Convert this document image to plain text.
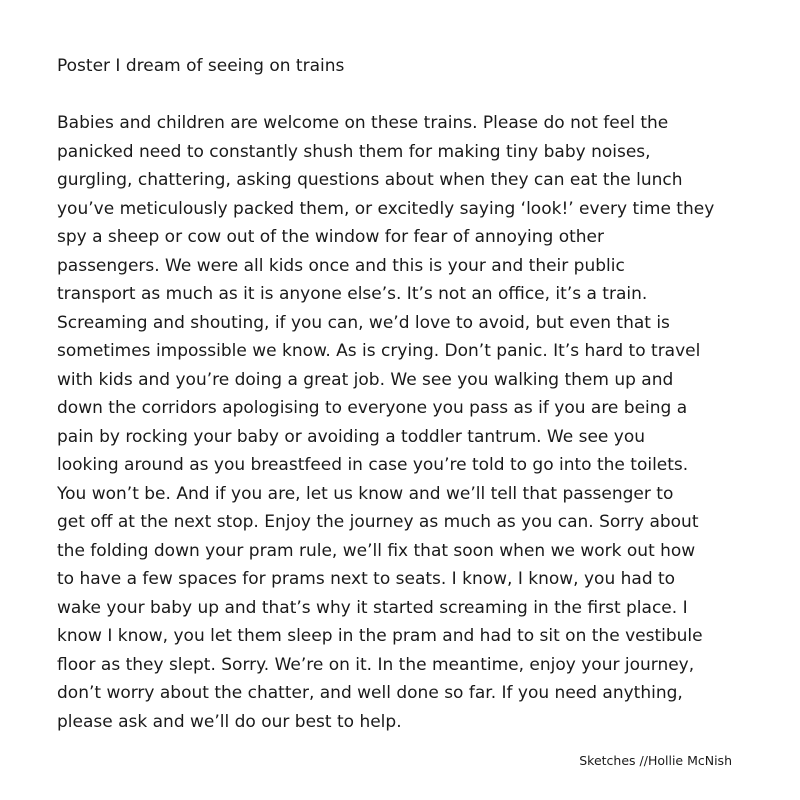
Poster I dream of seeing on trains
Babies and children are welcome on these trains. Please do not feel the
panicked need to constantly shush them for making tiny baby noises,
gurgling, chattering, asking questions about when they can eat the lunch
you’ve meticulously packed them, or excitedly saying ‘look!’ every time they
spy a sheep or cow out of the window for fear of annoying other
passengers. We were all kids once and this is your and their public
transport as much as it is anyone else’s. It’s not an office, it’s a train.
Screaming and shouting, if you can, we’d love to avoid, but even that is
sometimes impossible we know. As is crying. Don’t panic. It’s hard to travel
with kids and you’re doing a great job. We see you walking them up and
down the corridors apologising to everyone you pass as if you are being a
pain by rocking your baby or avoiding a toddler tantrum. We see you
looking around as you breastfeed in case you’re told to go into the toilets.
You won’t be. And if you are, let us know and we’ll tell that passenger to
get off at the next stop. Enjoy the journey as much as you can. Sorry about
the folding down your pram rule, we’ll fix that soon when we work out how
to have a few spaces for prams next to seats. I know, I know, you had to
wake your baby up and that’s why it started screaming in the first place. I
know I know, you let them sleep in the pram and had to sit on the vestibule
floor as they slept. Sorry. We’re on it. In the meantime, enjoy your journey,
don’t worry about the chatter, and well done so far. If you need anything,
please ask and we’ll do our best to help.
Sketches //Hollie McNish
